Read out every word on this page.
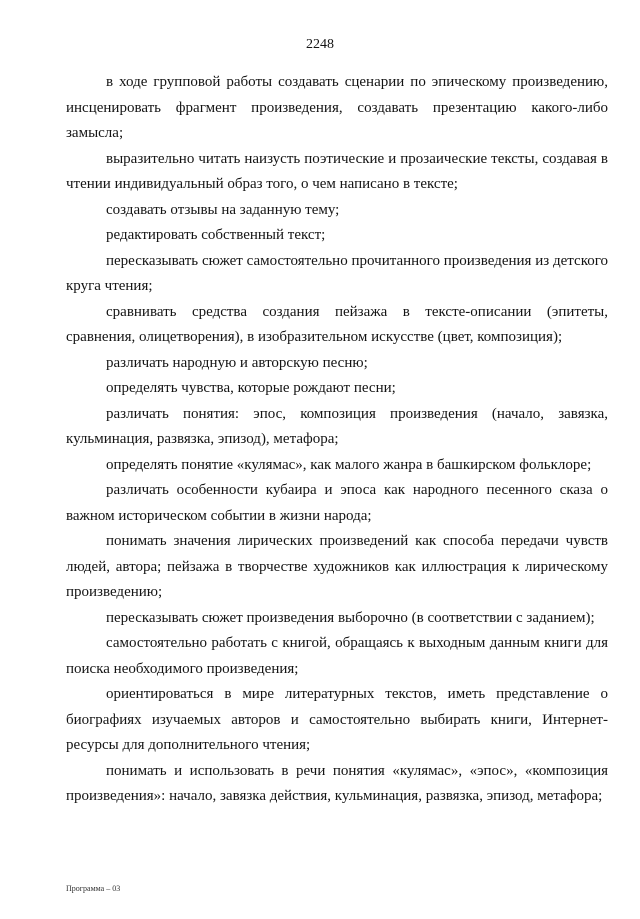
2248

в ходе групповой работы создавать сценарии по эпическому произведению, инсценировать фрагмент произведения, создавать презентацию какого-либо замысла;

выразительно читать наизусть поэтические и прозаические тексты, создавая в чтении индивидуальный образ того, о чем написано в тексте;

создавать отзывы на заданную тему;

редактировать собственный текст;

пересказывать сюжет самостоятельно прочитанного произведения из детского круга чтения;

сравнивать средства создания пейзажа в тексте-описании (эпитеты, сравнения, олицетворения), в изобразительном искусстве (цвет, композиция);

различать народную и авторскую песню;

определять чувства, которые рождают песни;

различать понятия: эпос, композиция произведения (начало, завязка, кульминация, развязка, эпизод), метафора;

определять понятие «кулямас», как малого жанра в башкирском фольклоре;

различать особенности кубаира и эпоса как народного песенного сказа о важном историческом событии в жизни народа;

понимать значения лирических произведений как способа передачи чувств людей, автора; пейзажа в творчестве художников как иллюстрация к лирическому произведению;

пересказывать сюжет произведения выборочно (в соответствии с заданием);

самостоятельно работать с книгой, обращаясь к выходным данным книги для поиска необходимого произведения;

ориентироваться в мире литературных текстов, иметь представление о биографиях изучаемых авторов и самостоятельно выбирать книги, Интернет-ресурсы для дополнительного чтения;

понимать и использовать в речи понятия «кулямас», «эпос», «композиция произведения»: начало, завязка действия, кульминация, развязка, эпизод, метафора;

Программа – 03
